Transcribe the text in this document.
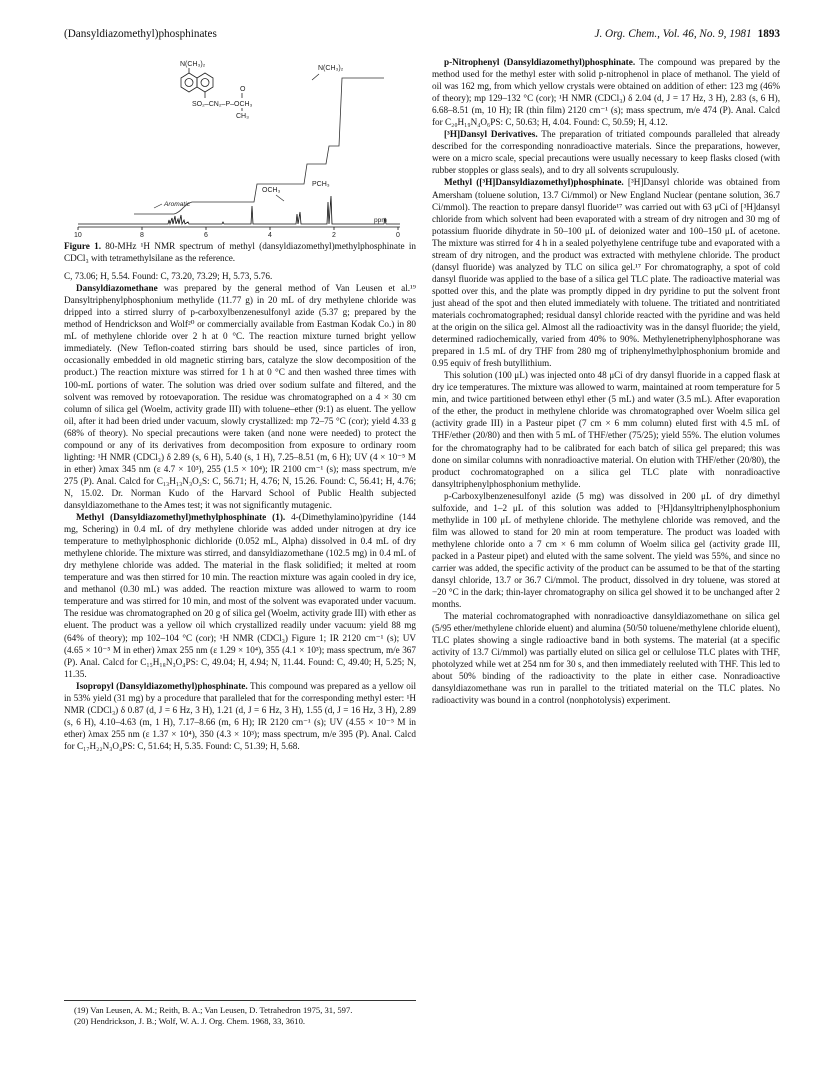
(Dansyldiazomethyl)phosphinates	J. Org. Chem., Vol. 46, No. 9, 1981 1893
N(CH₃)₂
O
SO₂–CN₂–P–OCH₃
CH₃
N(CH₃)₂
Aromatic
OCH₃
PCH₃
ppm
10	8	6	4	2	0
Figure 1. 80-MHz ¹H NMR spectrum of methyl (dansyldiazomethyl)methylphosphinate in CDCl₃ with tetramethylsilane as the reference.

C, 73.06; H, 5.54. Found: C, 73.20, 73.29; H, 5.73, 5.76.

Dansyldiazomethane was prepared by the general method of Van Leusen et al.¹⁹ Dansyltriphenylphosphonium methylide (11.77 g) in 20 mL of dry methylene chloride was dripped into a stirred slurry of p-carboxylbenzenesulfonyl azide (5.37 g; prepared by the method of Hendrickson and Wolf²⁰ or commercially available from Eastman Kodak Co.) in 80 mL of methylene chloride over 2 h at 0 °C. The reaction mixture turned bright yellow immediately. (New Teflon-coated stirring bars should be used, since particles of iron, occasionally embedded in old magnetic stirring bars, catalyze the slow decomposition of the product.) The reaction mixture was stirred for 1 h at 0 °C and then washed three times with 100-mL portions of water. The solution was dried over sodium sulfate and filtered, and the solvent was removed by rotoevaporation. The residue was chromatographed on a 4 × 30 cm column of silica gel (Woelm, activity grade III) with toluene–ether (9:1) as eluent. The yellow oil, after it had been dried under vacuum, slowly crystallized: mp 72–75 °C (cor); yield 4.33 g (68% of theory). No special precautions were taken (and none were needed) to protect the compound or any of its derivatives from decomposition from exposure to ordinary room lighting: ¹H NMR (CDCl₃) δ 2.89 (s, 6 H), 5.40 (s, 1 H), 7.25–8.51 (m, 6 H); UV (4 × 10⁻⁵ M in ether) λmax 345 nm (ε 4.7 × 10³), 255 (1.5 × 10⁴); IR 2100 cm⁻¹ (s); mass spectrum, m/e 275 (P). Anal. Calcd for C₁₃H₁₃N₃O₂S: C, 56.71; H, 4.76; N, 15.26. Found: C, 56.41; H, 4.76; N, 15.02. Dr. Norman Kudo of the Harvard School of Public Health subjected dansyldiazomethane to the Ames test; it was not significantly mutagenic.

Methyl (Dansyldiazomethyl)methylphosphinate (1). 4-(Dimethylamino)pyridine (144 mg, Schering) in 0.4 mL of dry methylene chloride was added under nitrogen at dry ice temperature to methylphosphonic dichloride (0.052 mL, Alpha) dissolved in 0.4 mL of dry methylene chloride. The mixture was stirred, and dansyldiazomethane (102.5 mg) in 0.4 mL of dry methylene chloride was added. The material in the flask solidified; it melted at room temperature and was then stirred for 10 min. The reaction mixture was again cooled in dry ice, and methanol (0.30 mL) was added. The reaction mixture was allowed to warm to room temperature and was stirred for 10 min, and most of the solvent was evaporated under vacuum. The residue was chromatographed on 20 g of silica gel (Woelm, activity grade III) with ether as eluent. The product was a yellow oil which crystallized readily under vacuum: yield 88 mg (64% of theory); mp 102–104 °C (cor); ¹H NMR (CDCl₃) Figure 1; IR 2120 cm⁻¹ (s); UV (4.65 × 10⁻⁵ M in ether) λmax 255 nm (ε 1.29 × 10⁴), 355 (4.1 × 10³); mass spectrum, m/e 367 (P). Anal. Calcd for C₁₅H₁₈N₃O₄PS: C, 49.04; H, 4.94; N, 11.44. Found: C, 49.40; H, 5.25; N, 11.35.

Isopropyl (Dansyldiazomethyl)phosphinate. This compound was prepared as a yellow oil in 53% yield (31 mg) by a procedure that paralleled that for the corresponding methyl ester: ¹H NMR (CDCl₃) δ 0.87 (d, J = 6 Hz, 3 H), 1.21 (d, J = 6 Hz, 3 H), 1.55 (d, J = 16 Hz, 3 H), 2.89 (s, 6 H), 4.10–4.63 (m, 1 H), 7.17–8.66 (m, 6 H); IR 2120 cm⁻¹ (s); UV (4.55 × 10⁻⁵ M in ether) λmax 255 nm (ε 1.37 × 10⁴), 350 (4.3 × 10³); mass spectrum, m/e 395 (P). Anal. Calcd for C₁₇H₂₂N₃O₄PS: C, 51.64; H, 5.35. Found: C, 51.39; H, 5.68.

(19) Van Leusen, A. M.; Reith, B. A.; Van Leusen, D. Tetrahedron 1975, 31, 597.

(20) Hendrickson, J. B.; Wolf, W. A. J. Org. Chem. 1968, 33, 3610.

p-Nitrophenyl (Dansyldiazomethyl)phosphinate. The compound was prepared by the method used for the methyl ester with solid p-nitrophenol in place of methanol. The yield of oil was 162 mg, from which yellow crystals were obtained on addition of ether: 123 mg (46% of theory); mp 129–132 °C (cor); ¹H NMR (CDCl₃) δ 2.04 (d, J = 17 Hz, 3 H), 2.83 (s, 6 H), 6.68–8.51 (m, 10 H); IR (thin film) 2120 cm⁻¹ (s); mass spectrum, m/e 474 (P). Anal. Calcd for C₂₀H₁₉N₄O₆PS: C, 50.63; H, 4.04. Found: C, 50.59; H, 4.12.

[³H]Dansyl Derivatives. The preparation of tritiated compounds paralleled that already described for the corresponding nonradioactive materials. Since the preparations, however, were on a micro scale, special precautions were usually necessary to keep flasks closed (with rubber stopples or glass seals), and to dry all solvents scrupulously.

Methyl ([³H]Dansyldiazomethyl)phosphinate. [³H]Dansyl chloride was obtained from Amersham (toluene solution, 13.7 Ci/mmol) or New England Nuclear (pentane solution, 36.7 Ci/mmol). The reaction to prepare dansyl fluoride¹⁷ was carried out with 63 μCi of [³H]dansyl chloride from which solvent had been evaporated with a stream of dry nitrogen and 30 mg of potassium fluoride dihydrate in 50–100 μL of deionized water and 100–150 μL of acetone. The mixture was stirred for 4 h in a sealed polyethylene centrifuge tube and evaporated with a stream of dry nitrogen, and the product was extracted with methylene chloride. The product (dansyl fluoride) was analyzed by TLC on silica gel.¹⁷ For chromatography, a spot of cold dansyl fluoride was applied to the base of a silica gel TLC plate. The radioactive material was spotted over this, and the plate was promptly dipped in dry pyridine to put the solvent front just ahead of the spot and then eluted immediately with toluene. The tritiated and nontritiated materials cochromatographed; residual dansyl chloride reacted with the pyridine and was held at the origin on the silica gel. Almost all the radioactivity was in the dansyl fluoride; the yield, determined radiochemically, varied from 40% to 90%. Methylenetriphenylphosphorane was prepared in 1.5 mL of dry THF from 280 mg of triphenylmethylphosphonium bromide and 0.95 equiv of fresh butyllithium.

This solution (100 μL) was injected onto 48 μCi of dry dansyl fluoride in a capped flask at dry ice temperatures. The mixture was allowed to warm, maintained at room temperature for 5 min, and twice partitioned between ethyl ether (5 mL) and water (3.5 mL). After evaporation of the ether, the product in methylene chloride was chromatographed over Woelm silica gel (activity grade III) in a Pasteur pipet (7 cm × 6 mm column) eluted first with 4.5 mL of THF/ether (20/80) and then with 5 mL of THF/ether (75/25); yield 55%. The elution volumes for the chromatography had to be calibrated for each batch of silica gel prepared; this was done on similar columns with nonradioactive material. On elution with THF/ether (20/80), the product cochromatographed on a silica gel TLC plate with nonradioactive dansyltriphenylphosphonium methylide.

p-Carboxylbenzenesulfonyl azide (5 mg) was dissolved in 200 μL of dry dimethyl sulfoxide, and 1–2 μL of this solution was added to [³H]dansyltriphenylphosphonium methylide in 100 μL of methylene chloride. The methylene chloride was removed, and the film was allowed to stand for 20 min at room temperature. The product was loaded with methylene chloride onto a 7 cm × 6 mm column of Woelm silica gel (activity grade III, packed in a Pasteur pipet) and eluted with the same solvent. The yield was 55%, and since no carrier was added, the specific activity of the product can be assumed to be that of the starting dansyl chloride, 13.7 or 36.7 Ci/mmol. The product, dissolved in dry toluene, was stored at −20 °C in the dark; thin-layer chromatography on silica gel showed it to be unchanged after 2 months.

The material cochromatographed with nonradioactive dansyldiazomethane on silica gel (5/95 ether/methylene chloride eluent) and alumina (50/50 toluene/methylene chloride eluent), TLC plates showing a single radioactive band in both systems. The material (at a specific activity of 13.7 Ci/mmol) was partially eluted on silica gel or cellulose TLC plates with THF, photolyzed while wet at 254 nm for 30 s, and then immediately reeluted with THF. This led to about 50% binding of the radioactivity to the plate in either case. Nonradioactive dansyldiazomethane was run in parallel to the tritiated material on the TLC plates. No radioactivity was bound in a control (nonphotolysis) experiment.
